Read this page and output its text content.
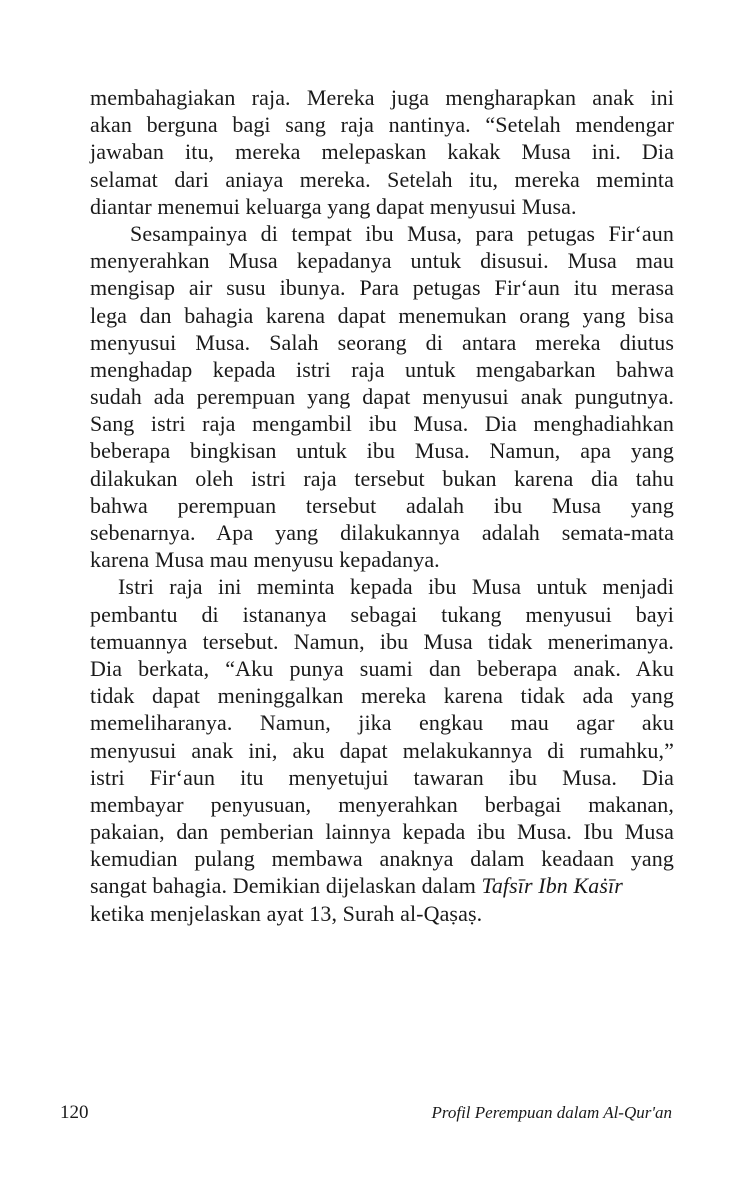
membahagiakan raja. Mereka juga mengharapkan anak ini
akan berguna bagi sang raja nantinya. “Setelah mendengar
jawaban itu, mereka melepaskan kakak Musa ini. Dia
selamat dari aniaya mereka. Setelah itu, mereka meminta
diantar menemui keluarga yang dapat menyusui Musa.
Sesampainya di tempat ibu Musa, para petugas Fir‘aun
menyerahkan Musa kepadanya untuk disusui. Musa mau
mengisap air susu ibunya. Para petugas Fir‘aun itu merasa
lega dan bahagia karena dapat menemukan orang yang bisa
menyusui Musa. Salah seorang di antara mereka diutus
menghadap kepada istri raja untuk mengabarkan bahwa
sudah ada perempuan yang dapat menyusui anak pungutnya.
Sang istri raja mengambil ibu Musa. Dia menghadiahkan
beberapa bingkisan untuk ibu Musa. Namun, apa yang
dilakukan oleh istri raja tersebut bukan karena dia tahu
bahwa perempuan tersebut adalah ibu Musa yang
sebenarnya. Apa yang dilakukannya adalah semata-mata
karena Musa mau menyusu kepadanya.
Istri raja ini meminta kepada ibu Musa untuk menjadi
pembantu di istananya sebagai tukang menyusui bayi
temuannya tersebut. Namun, ibu Musa tidak menerimanya.
Dia berkata, “Aku punya suami dan beberapa anak. Aku
tidak dapat meninggalkan mereka karena tidak ada yang
memeliharanya. Namun, jika engkau mau agar aku
menyusui anak ini, aku dapat melakukannya di rumahku,”
istri Fir‘aun itu menyetujui tawaran ibu Musa. Dia
membayar penyusuan, menyerahkan berbagai makanan,
pakaian, dan pemberian lainnya kepada ibu Musa. Ibu Musa
kemudian pulang membawa anaknya dalam keadaan yang
sangat bahagia. Demikian dijelaskan dalam Tafsīr Ibn Kaṡīr
ketika menjelaskan ayat 13, Surah al-Qaṣaṣ.
120	Profil Perempuan dalam Al-Qur'an
